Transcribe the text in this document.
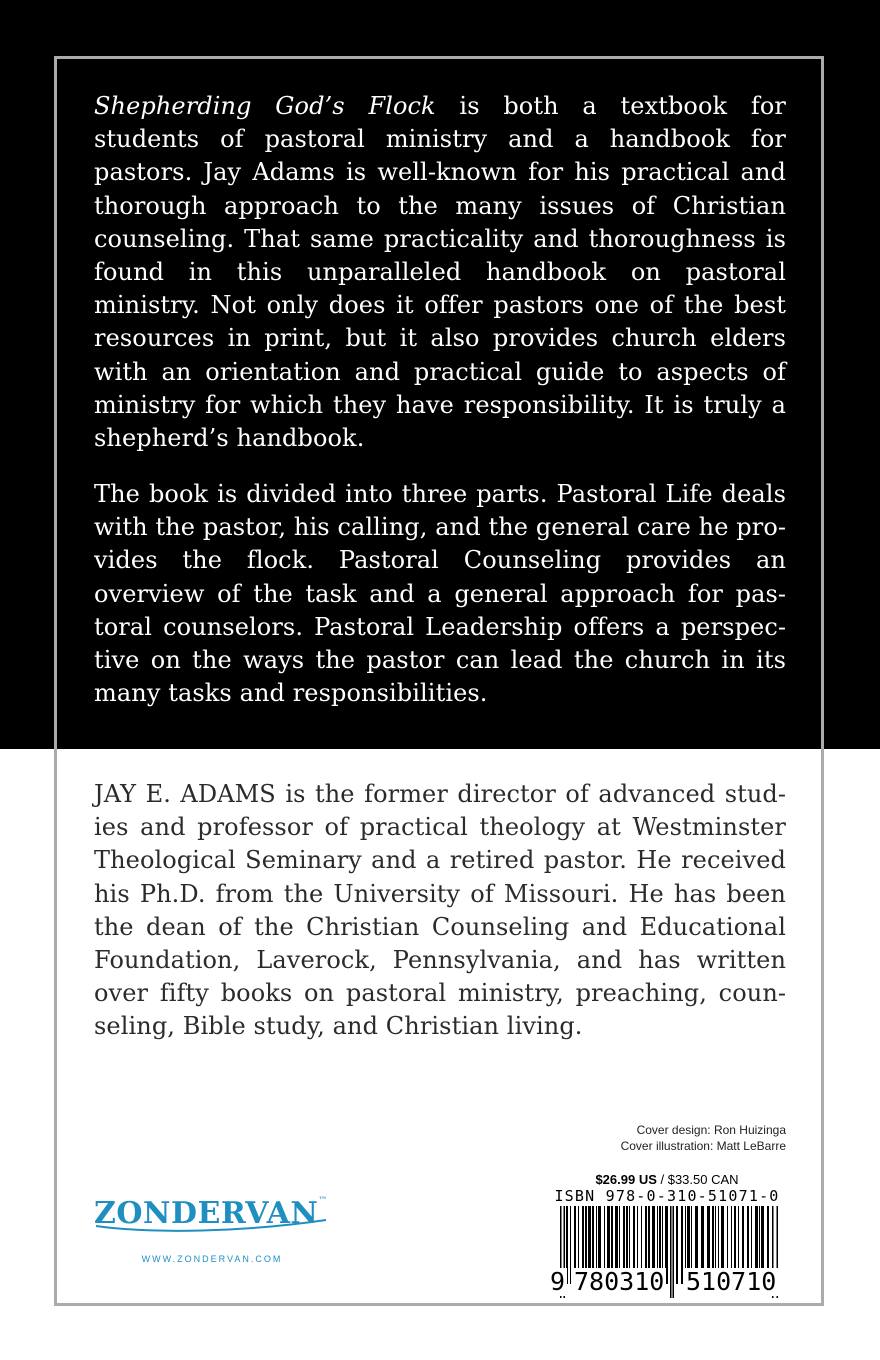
Shepherding God’s Flock is both a textbook for students of pastoral ministry and a handbook for pastors. Jay Adams is well-known for his practical and thorough approach to the many issues of Christian counseling. That same practicality and thoroughness is found in this unparalleled handbook on pastoral ministry. Not only does it offer pastors one of the best resources in print, but it also provides church elders with an orientation and practical guide to aspects of ministry for which they have responsibility. It is truly a shepherd’s handbook.

The book is divided into three parts. Pastoral Life deals with the pastor, his calling, and the general care he provides the flock. Pastoral Counseling provides an overview of the task and a general approach for pastoral counselors. Pastoral Leadership offers a perspective on the ways the pastor can lead the church in its many tasks and responsibilities.

JAY E. ADAMS is the former director of advanced studies and professor of practical theology at Westminster Theological Seminary and a retired pastor. He received his Ph.D. from the University of Missouri. He has been the dean of the Christian Counseling and Educational Foundation, Laverock, Pennsylvania, and has written over fifty books on pastoral ministry, preaching, counseling, Bible study, and Christian living.

Cover design: Ron Huizinga
Cover illustration: Matt LeBarre
ZONDERVAN™
WWW.ZONDERVAN.COM
$26.99 US / $33.50 CAN
ISBN 978-0-310-51071-0
9 780310 510710
